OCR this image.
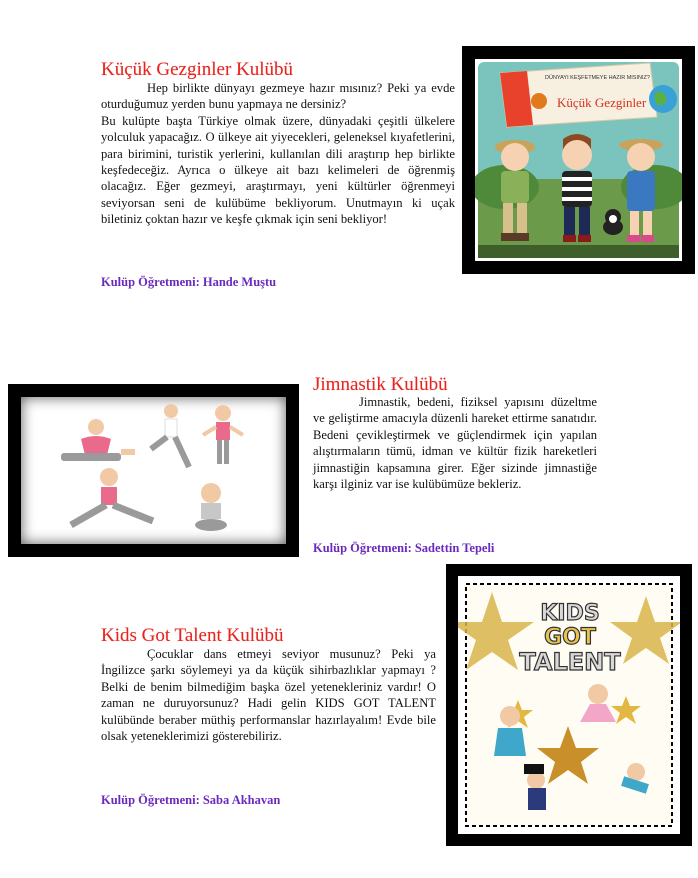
Küçük Gezginler Kulübü

Hep birlikte dünyayı gezmeye hazır mısınız? Peki ya evde oturduğumuz yerden bunu yapmaya ne dersiniz?

Bu kulüpte başta Türkiye olmak üzere, dünyadaki çeşitli ülkelere yolculuk yapacağız. O ülkeye ait yiyecekleri, geleneksel kıyafetlerini, para birimini, turistik yerlerini, kullanılan dili araştırıp hep birlikte keşfedeceğiz. Ayrıca o ülkeye ait bazı kelimeleri de öğrenmiş olacağız. Eğer gezmeyi, araştırmayı, yeni kültürler öğrenmeyi seviyorsan seni de kulübüme bekliyorum. Unutmayın ki uçak biletiniz çoktan hazır ve keşfe çıkmak için seni bekliyor!

Kulüp Öğretmeni: Hande Muştu
DÜNYAYI KEŞFETMEYE HAZIR MISINIZ?
Küçük Gezginler
Jimnastik Kulübü

Jimnastik, bedeni, fiziksel yapısını düzeltme ve geliştirme amacıyla düzenli hareket ettirme sanatıdır. Bedeni çevikleştirmek ve güçlendirmek için yapılan alıştırmaların tümü, idman ve kültür fizik hareketleri jimnastiğin kapsamına girer. Eğer sizinde jimnastiğe karşı ilginiz var ise kulübümüze bekleriz.

Kulüp Öğretmeni: Sadettin Tepeli
Kids Got Talent Kulübü

Çocuklar dans etmeyi seviyor musunuz? Peki ya İngilizce şarkı söylemeyi ya da küçük sihirbazlıklar yapmayı ?Belki de benim bilmediğim başka özel yetenekleriniz vardır! O zaman ne duruyorsunuz? Hadi gelin KIDS GOT TALENT kulübünde beraber müthiş performanslar hazırlayalım! Evde bile olsak yeteneklerimizi gösterebiliriz.

Kulüp Öğretmeni: Saba Akhavan
KIDS
GOT
TALENT
